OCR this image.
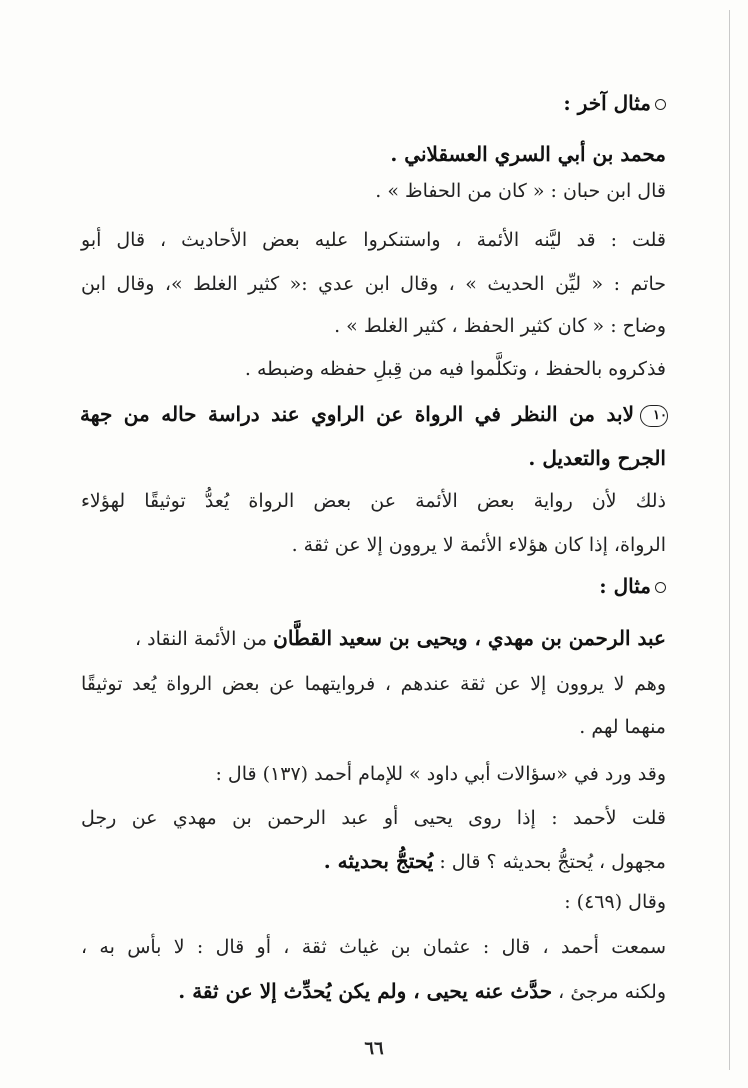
مثال آخر :
محمد بن أبي السري العسقلاني .
قال ابن حبان : « كان من الحفاظ » .
قلت : قد ليَّنه الأئمة ، واستنكروا عليه بعض الأحاديث ، قال أبو
حاتم : « ليِّن الحديث » ، وقال ابن عدي :« كثير الغلط »، وقال ابن
وضاح : « كان كثير الحفظ ، كثير الغلط » .
فذكروه بالحفظ ، وتكلَّموا فيه من قِبلِ حفظه وضبطه .
١٠لابد من النظر في الرواة عن الراوي عند دراسة حاله من جهة
الجرح والتعديل .
ذلك لأن رواية بعض الأئمة عن بعض الرواة يُعدُّ توثيقًا لهؤلاء
الرواة، إذا كان هؤلاء الأئمة لا يروون إلا عن ثقة .
مثال :
عبد الرحمن بن مهدي ، ويحيى بن سعيد القطَّان من الأئمة النقاد ،
وهم لا يروون إلا عن ثقة عندهم ، فروايتهما عن بعض الرواة يُعد توثيقًا
منهما لهم .
وقد ورد في «سؤالات أبي داود » للإمام أحمد (١٣٧) قال :
قلت لأحمد : إذا روى يحيى أو عبد الرحمن بن مهدي عن رجل
مجهول ، يُحتجُّ بحديثه ؟ قال : يُحتجُّ بحديثه .
وقال (٤٦٩) :
سمعت أحمد ، قال : عثمان بن غياث ثقة ، أو قال : لا بأس به ،
ولكنه مرجئ ، حدَّث عنه يحيى ، ولم يكن يُحدِّث إلا عن ثقة .
٦٦
